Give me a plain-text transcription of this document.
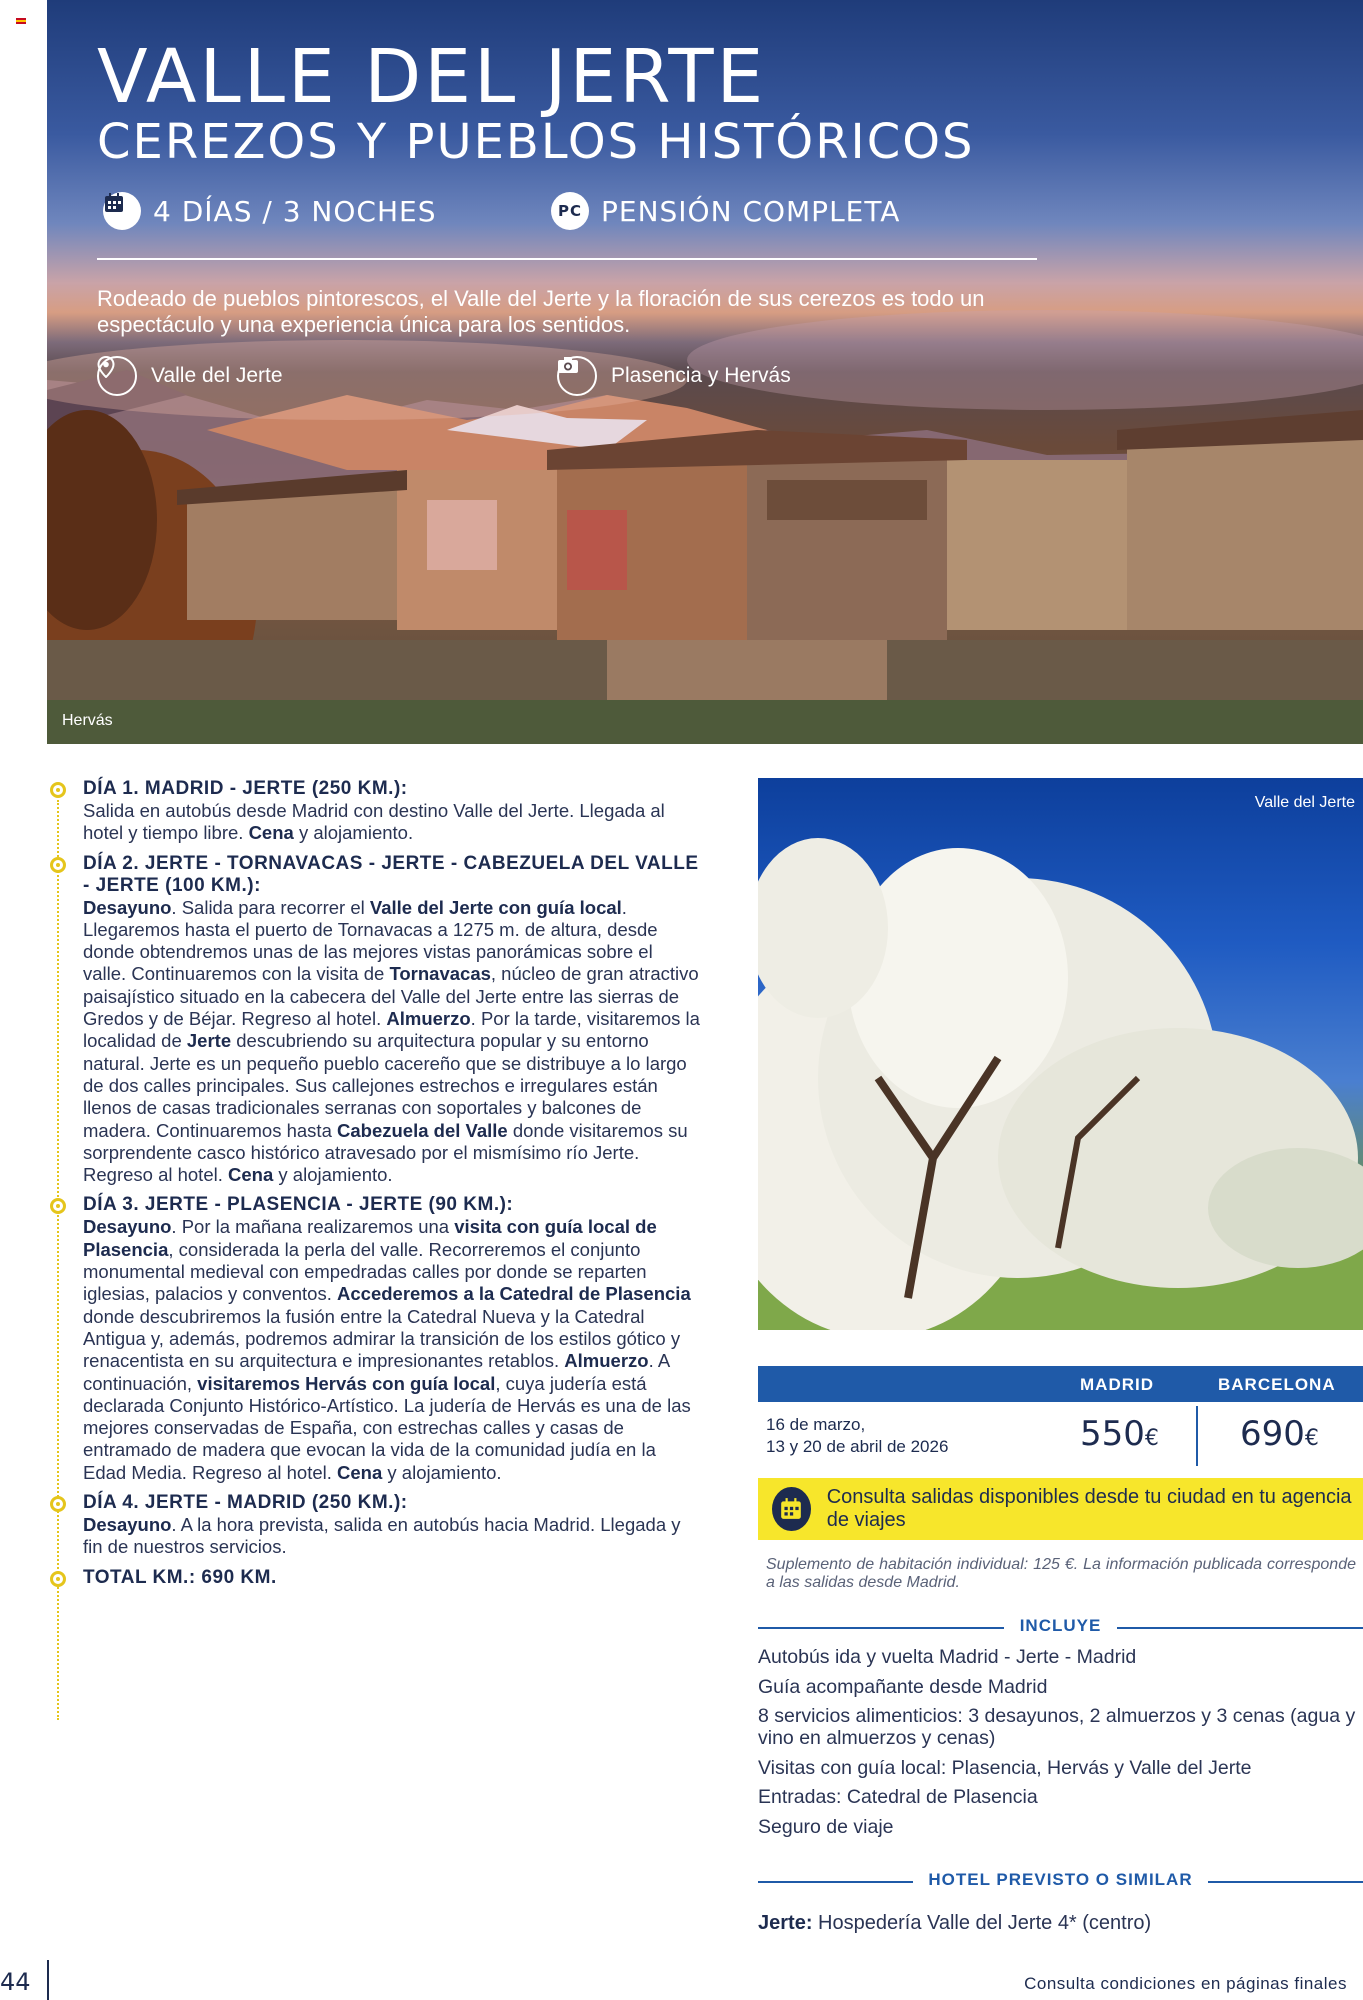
VALLE DEL JERTE
CEREZOS Y PUEBLOS HISTÓRICOS
4 DÍAS / 3 NOCHES	PC PENSIÓN COMPLETA

Rodeado de pueblos pintorescos, el Valle del Jerte y la floración de sus cerezos es todo un espectáculo y una experiencia única para los sentidos.

Valle del Jerte	Plasencia y Hervás
Hervás
DÍA 1. MADRID - JERTE (250 KM.):

Salida en autobús desde Madrid con destino Valle del Jerte. Llegada al hotel y tiempo libre. Cena y alojamiento.

DÍA 2. JERTE - TORNAVACAS - JERTE - CABEZUELA DEL VALLE - JERTE (100 KM.):

Desayuno. Salida para recorrer el Valle del Jerte con guía local. Llegaremos hasta el puerto de Tornavacas a 1275 m. de altura, desde donde obtendremos unas de las mejores vistas panorámicas sobre el valle. Continuaremos con la visita de Tornavacas, núcleo de gran atractivo paisajístico situado en la cabecera del Valle del Jerte entre las sierras de Gredos y de Béjar. Regreso al hotel. Almuerzo. Por la tarde, visitaremos la localidad de Jerte descubriendo su arquitectura popular y su entorno natural. Jerte es un pequeño pueblo cacereño que se distribuye a lo largo de dos calles principales. Sus callejones estrechos e irregulares están llenos de casas tradicionales serranas con soportales y balcones de madera. Continuaremos hasta Cabezuela del Valle donde visitaremos su sorprendente casco histórico atravesado por el mismísimo río Jerte. Regreso al hotel. Cena y alojamiento.

DÍA 3. JERTE - PLASENCIA - JERTE (90 KM.):

Desayuno. Por la mañana realizaremos una visita con guía local de Plasencia, considerada la perla del valle. Recorreremos el conjunto monumental medieval con empedradas calles por donde se reparten iglesias, palacios y conventos. Accederemos a la Catedral de Plasencia donde descubriremos la fusión entre la Catedral Nueva y la Catedral Antigua y, además, podremos admirar la transición de los estilos gótico y renacentista en su arquitectura e impresionantes retablos. Almuerzo. A continuación, visitaremos Hervás con guía local, cuya judería está declarada Conjunto Histórico-Artístico. La judería de Hervás es una de las mejores conservadas de España, con estrechas calles y casas de entramado de madera que evocan la vida de la comunidad judía en la Edad Media. Regreso al hotel. Cena y alojamiento.

DÍA 4. JERTE - MADRID (250 KM.):

Desayuno. A la hora prevista, salida en autobús hacia Madrid. Llegada y fin de nuestros servicios.

TOTAL KM.: 690 KM.
Valle del Jerte
MADRID	BARCELONA
16 de marzo,
13 y 20 de abril de 2026	550€ 690€

Consulta salidas disponibles desde tu ciudad en tu agencia de viajes

Suplemento de habitación individual: 125 €. La información publicada corresponde a las salidas desde Madrid.

INCLUYE
Autobús ida y vuelta Madrid - Jerte - Madrid
Guía acompañante desde Madrid
8 servicios alimenticios: 3 desayunos, 2 almuerzos y 3 cenas (agua y vino en almuerzos y cenas)
Visitas con guía local: Plasencia, Hervás y Valle del Jerte
Entradas: Catedral de Plasencia
Seguro de viaje
HOTEL PREVISTO O SIMILAR

Jerte: Hospedería Valle del Jerte 4* (centro)

44	Consulta condiciones en páginas finales
